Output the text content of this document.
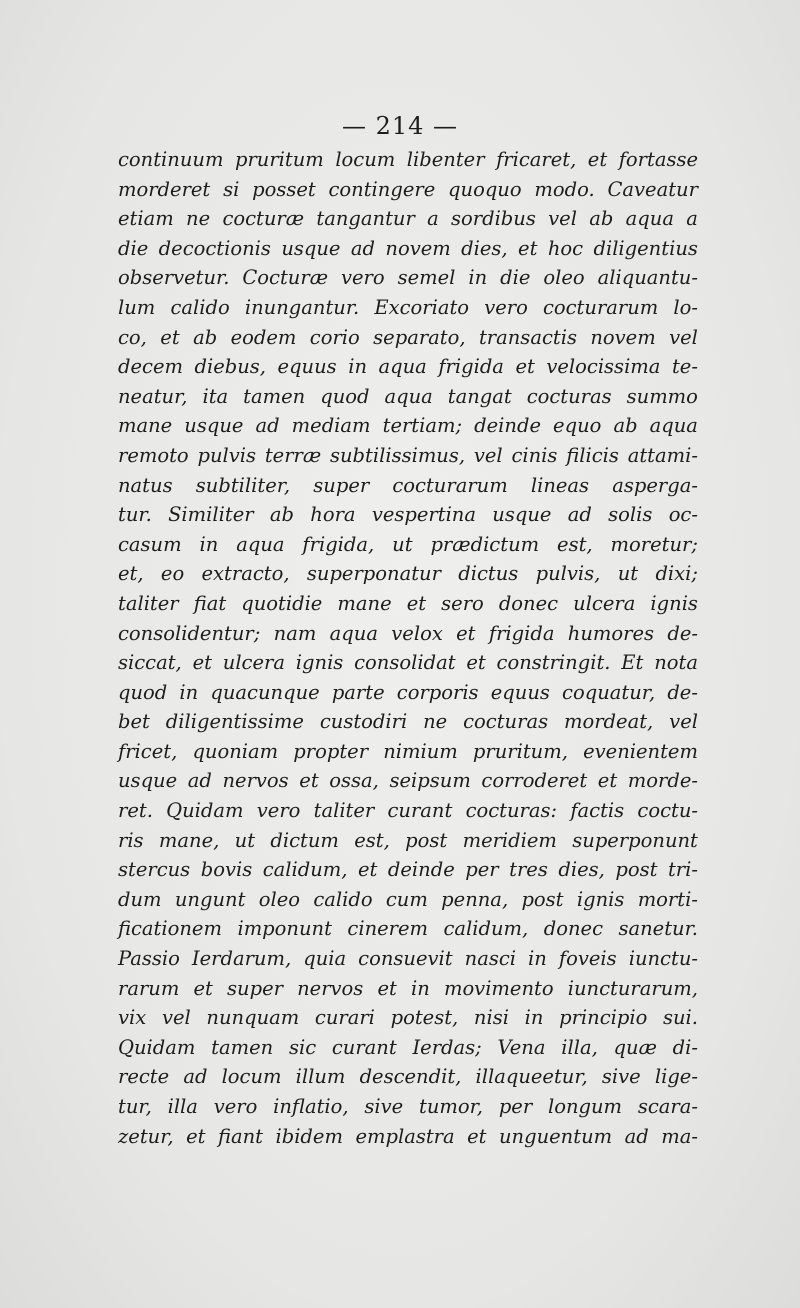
— 214 —
continuum pruritum locum libenter fricaret, et fortasse
morderet si posset contingere quoquo modo. Caveatur
etiam ne cocturæ tangantur a sordibus vel ab aqua a
die decoctionis usque ad novem dies, et hoc diligentius
observetur. Cocturæ vero semel in die oleo aliquantu-
lum calido inungantur. Excoriato vero cocturarum lo-
co, et ab eodem corio separato, transactis novem vel
decem diebus, equus in aqua frigida et velocissima te-
neatur, ita tamen quod aqua tangat cocturas summo
mane usque ad mediam tertiam; deinde equo ab aqua
remoto pulvis terræ subtilissimus, vel cinis filicis attami-
natus subtiliter, super cocturarum lineas asperga-
tur. Similiter ab hora vespertina usque ad solis oc-
casum in aqua frigida, ut prædictum est, moretur;
et, eo extracto, superponatur dictus pulvis, ut dixi;
taliter fiat quotidie mane et sero donec ulcera ignis
consolidentur; nam aqua velox et frigida humores de-
siccat, et ulcera ignis consolidat et constringit. Et nota
quod in quacunque parte corporis equus coquatur, de-
bet diligentissime custodiri ne cocturas mordeat, vel
fricet, quoniam propter nimium pruritum, evenientem
usque ad nervos et ossa, seipsum corroderet et morde-
ret. Quidam vero taliter curant cocturas: factis coctu-
ris mane, ut dictum est, post meridiem superponunt
stercus bovis calidum, et deinde per tres dies, post tri-
dum ungunt oleo calido cum penna, post ignis morti-
ficationem imponunt cinerem calidum, donec sanetur.
Passio Ierdarum, quia consuevit nasci in foveis iunctu-
rarum et super nervos et in movimento iuncturarum,
vix vel nunquam curari potest, nisi in principio sui.
Quidam tamen sic curant Ierdas; Vena illa, quæ di-
recte ad locum illum descendit, illaqueetur, sive lige-
tur, illa vero inflatio, sive tumor, per longum scara-
zetur, et fiant ibidem emplastra et unguentum ad ma-
